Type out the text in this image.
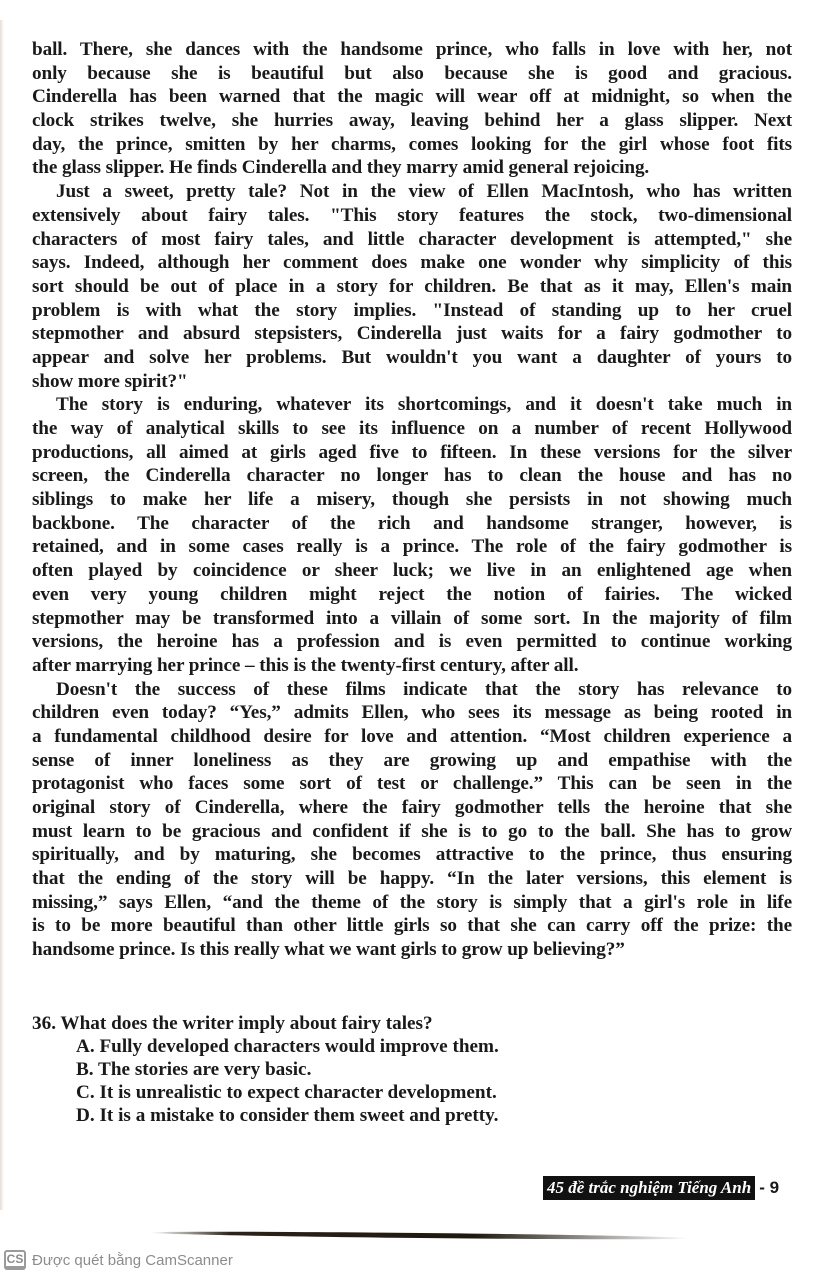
ball. There, she dances with the handsome prince, who falls in love with her, not
only because she is beautiful but also because she is good and gracious.
Cinderella has been warned that the magic will wear off at midnight, so when the
clock strikes twelve, she hurries away, leaving behind her a glass slipper. Next
day, the prince, smitten by her charms, comes looking for the girl whose foot fits
the glass slipper. He finds Cinderella and they marry amid general rejoicing.
Just a sweet, pretty tale? Not in the view of Ellen MacIntosh, who has written
extensively about fairy tales. "This story features the stock, two-dimensional
characters of most fairy tales, and little character development is attempted," she
says. Indeed, although her comment does make one wonder why simplicity of this
sort should be out of place in a story for children. Be that as it may, Ellen's main
problem is with what the story implies. "Instead of standing up to her cruel
stepmother and absurd stepsisters, Cinderella just waits for a fairy godmother to
appear and solve her problems. But wouldn't you want a daughter of yours to
show more spirit?"
The story is enduring, whatever its shortcomings, and it doesn't take much in
the way of analytical skills to see its influence on a number of recent Hollywood
productions, all aimed at girls aged five to fifteen. In these versions for the silver
screen, the Cinderella character no longer has to clean the house and has no
siblings to make her life a misery, though she persists in not showing much
backbone. The character of the rich and handsome stranger, however, is
retained, and in some cases really is a prince. The role of the fairy godmother is
often played by coincidence or sheer luck; we live in an enlightened age when
even very young children might reject the notion of fairies. The wicked
stepmother may be transformed into a villain of some sort. In the majority of film
versions, the heroine has a profession and is even permitted to continue working
after marrying her prince – this is the twenty-first century, after all.
Doesn't the success of these films indicate that the story has relevance to
children even today? “Yes,” admits Ellen, who sees its message as being rooted in
a fundamental childhood desire for love and attention. “Most children experience a
sense of inner loneliness as they are growing up and empathise with the
protagonist who faces some sort of test or challenge.” This can be seen in the
original story of Cinderella, where the fairy godmother tells the heroine that she
must learn to be gracious and confident if she is to go to the ball. She has to grow
spiritually, and by maturing, she becomes attractive to the prince, thus ensuring
that the ending of the story will be happy. “In the later versions, this element is
missing,” says Ellen, “and the theme of the story is simply that a girl's role in life
is to be more beautiful than other little girls so that she can carry off the prize: the
handsome prince. Is this really what we want girls to grow up believing?”
36. What does the writer imply about fairy tales?
A. Fully developed characters would improve them.
B. The stories are very basic.
C. It is unrealistic to expect character development.
D. It is a mistake to consider them sweet and pretty.
45 đề trắc nghiệm Tiếng Anh - 9
CS Được quét bằng CamScanner
